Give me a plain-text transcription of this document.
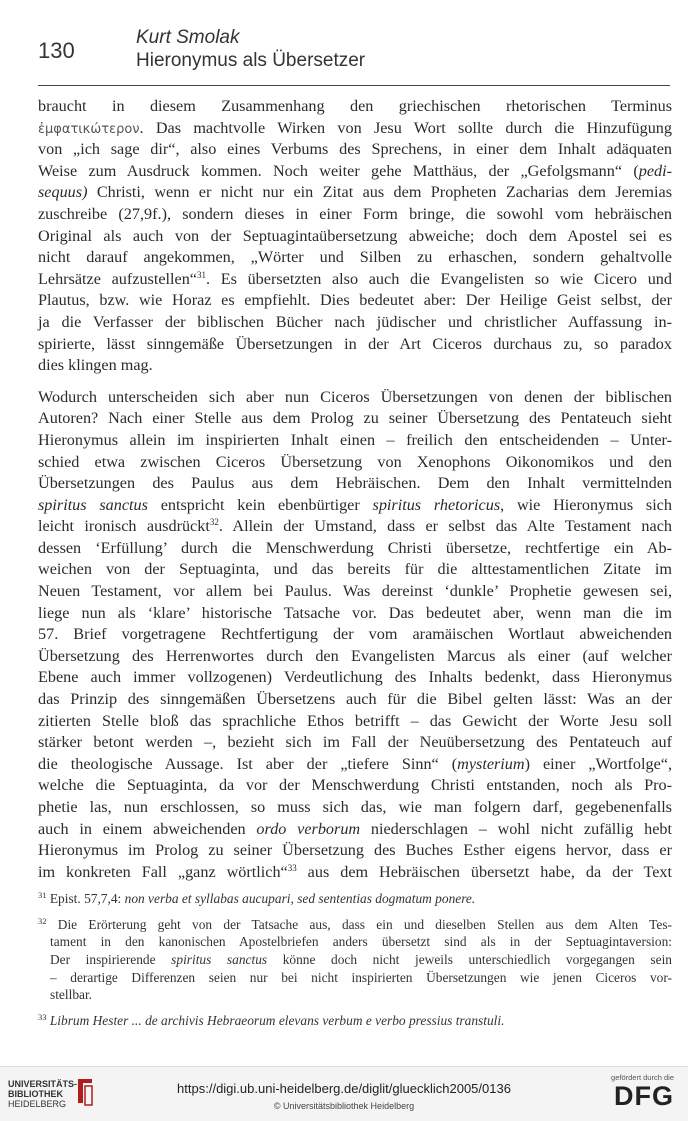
130
Kurt Smolak
Hieronymus als Übersetzer
braucht in diesem Zusammenhang den griechischen rhetorischen Terminus
ἐμφατικώτερον. Das machtvolle Wirken von Jesu Wort sollte durch die Hinzufügung
von „ich sage dir“, also eines Verbums des Sprechens, in einer dem Inhalt adäquaten
Weise zum Ausdruck kommen. Noch weiter gehe Matthäus, der „Gefolgsmann“ (pedi-
sequus) Christi, wenn er nicht nur ein Zitat aus dem Propheten Zacharias dem Jeremias
zuschreibe (27,9f.), sondern dieses in einer Form bringe, die sowohl vom hebräischen
Original als auch von der Septuagintaübersetzung abweiche; doch dem Apostel sei es
nicht darauf angekommen, „Wörter und Silben zu erhaschen, sondern gehaltvolle
Lehrsätze aufzustellen“$^{31}$. Es übersetzten also auch die Evangelisten so wie Cicero und
Plautus, bzw. wie Horaz es empfiehlt. Dies bedeutet aber: Der Heilige Geist selbst, der
ja die Verfasser der biblischen Bücher nach jüdischer und christlicher Auffassung in-
spirierte, lässt sinngemäße Übersetzungen in der Art Ciceros durchaus zu, so paradox
dies klingen mag.
Wodurch unterscheiden sich aber nun Ciceros Übersetzungen von denen der biblischen
Autoren? Nach einer Stelle aus dem Prolog zu seiner Übersetzung des Pentateuch sieht
Hieronymus allein im inspirierten Inhalt einen – freilich den entscheidenden – Unter-
schied etwa zwischen Ciceros Übersetzung von Xenophons Oikonomikos und den
Übersetzungen des Paulus aus dem Hebräischen. Dem den Inhalt vermittelnden
spiritus sanctus entspricht kein ebenbürtiger spiritus rhetoricus, wie Hieronymus sich
leicht ironisch ausdrückt$^{32}$. Allein der Umstand, dass er selbst das Alte Testament nach
dessen ‘Erfüllung’ durch die Menschwerdung Christi übersetze, rechtfertige ein Ab-
weichen von der Septuaginta, und das bereits für die alttestamentlichen Zitate im
Neuen Testament, vor allem bei Paulus. Was dereinst ‘dunkle’ Prophetie gewesen sei,
liege nun als ‘klare’ historische Tatsache vor. Das bedeutet aber, wenn man die im
57. Brief vorgetragene Rechtfertigung der vom aramäischen Wortlaut abweichenden
Übersetzung des Herrenwortes durch den Evangelisten Marcus als einer (auf welcher
Ebene auch immer vollzogenen) Verdeutlichung des Inhalts bedenkt, dass Hieronymus
das Prinzip des sinngemäßen Übersetzens auch für die Bibel gelten lässt: Was an der
zitierten Stelle bloß das sprachliche Ethos betrifft – das Gewicht der Worte Jesu soll
stärker betont werden –, bezieht sich im Fall der Neuübersetzung des Pentateuch auf
die theologische Aussage. Ist aber der „tiefere Sinn“ (mysterium) einer „Wortfolge“,
welche die Septuaginta, da vor der Menschwerdung Christi entstanden, noch als Pro-
phetie las, nun erschlossen, so muss sich das, wie man folgern darf, gegebenenfalls
auch in einem abweichenden ordo verborum niederschlagen – wohl nicht zufällig hebt
Hieronymus im Prolog zu seiner Übersetzung des Buches Esther eigens hervor, dass er
im konkreten Fall „ganz wörtlich“$^{33}$ aus dem Hebräischen übersetzt habe, da der Text
$^{31}$ Epist. 57,7,4: non verba et syllabas aucupari, sed sententias dogmatum ponere.
$^{32}$ Die Erörterung geht von der Tatsache aus, dass ein und dieselben Stellen aus dem Alten Tes-
tament in den kanonischen Apostelbriefen anders übersetzt sind als in der Septuagintaversion:
Der inspirierende spiritus sanctus könne doch nicht jeweils unterschiedlich vorgegangen sein
– derartige Differenzen seien nur bei nicht inspirierten Übersetzungen wie jenen Ciceros vor-
stellbar.
$^{33}$ Librum Hester ... de archivis Hebraeorum elevans verbum e verbo pressius transtuli.
UNIVERSITÄTS-
BIBLIOTHEK
HEIDELBERG
https://digi.ub.uni-heidelberg.de/diglit/gluecklich2005/0136
© Universitätsbibliothek Heidelberg
gefördert durch die
DFG
